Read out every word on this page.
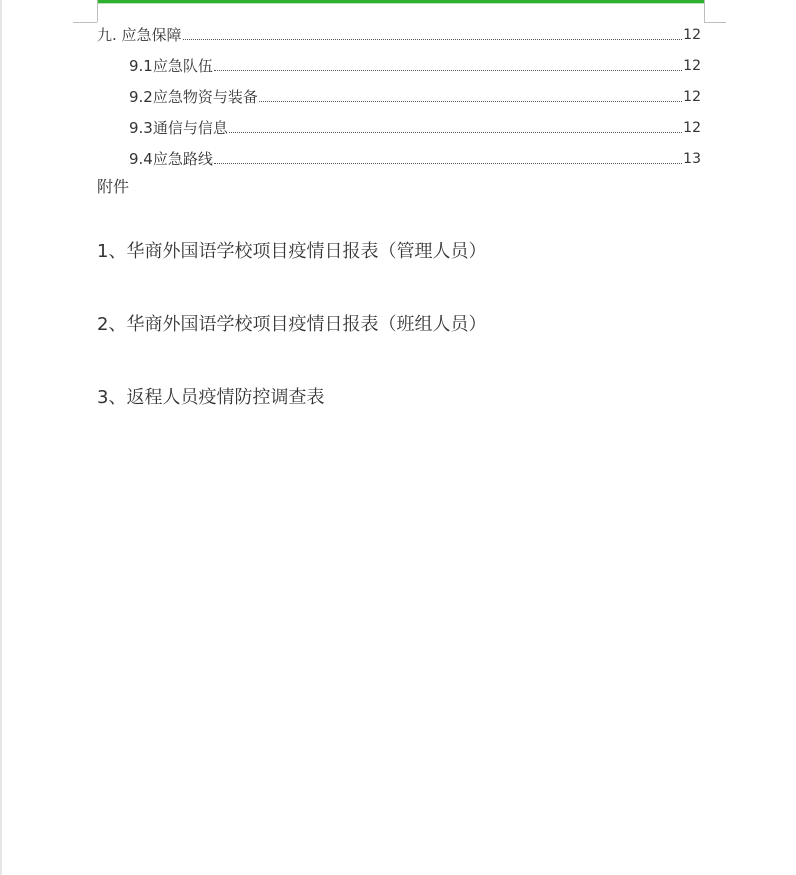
九. 应急保障	12
9.1应急队伍	12
9.2应急物资与装备	12
9.3通信与信息	12
9.4应急路线	13
附件
1、华商外国语学校项目疫情日报表（管理人员）
2、华商外国语学校项目疫情日报表（班组人员）
3、返程人员疫情防控调查表
